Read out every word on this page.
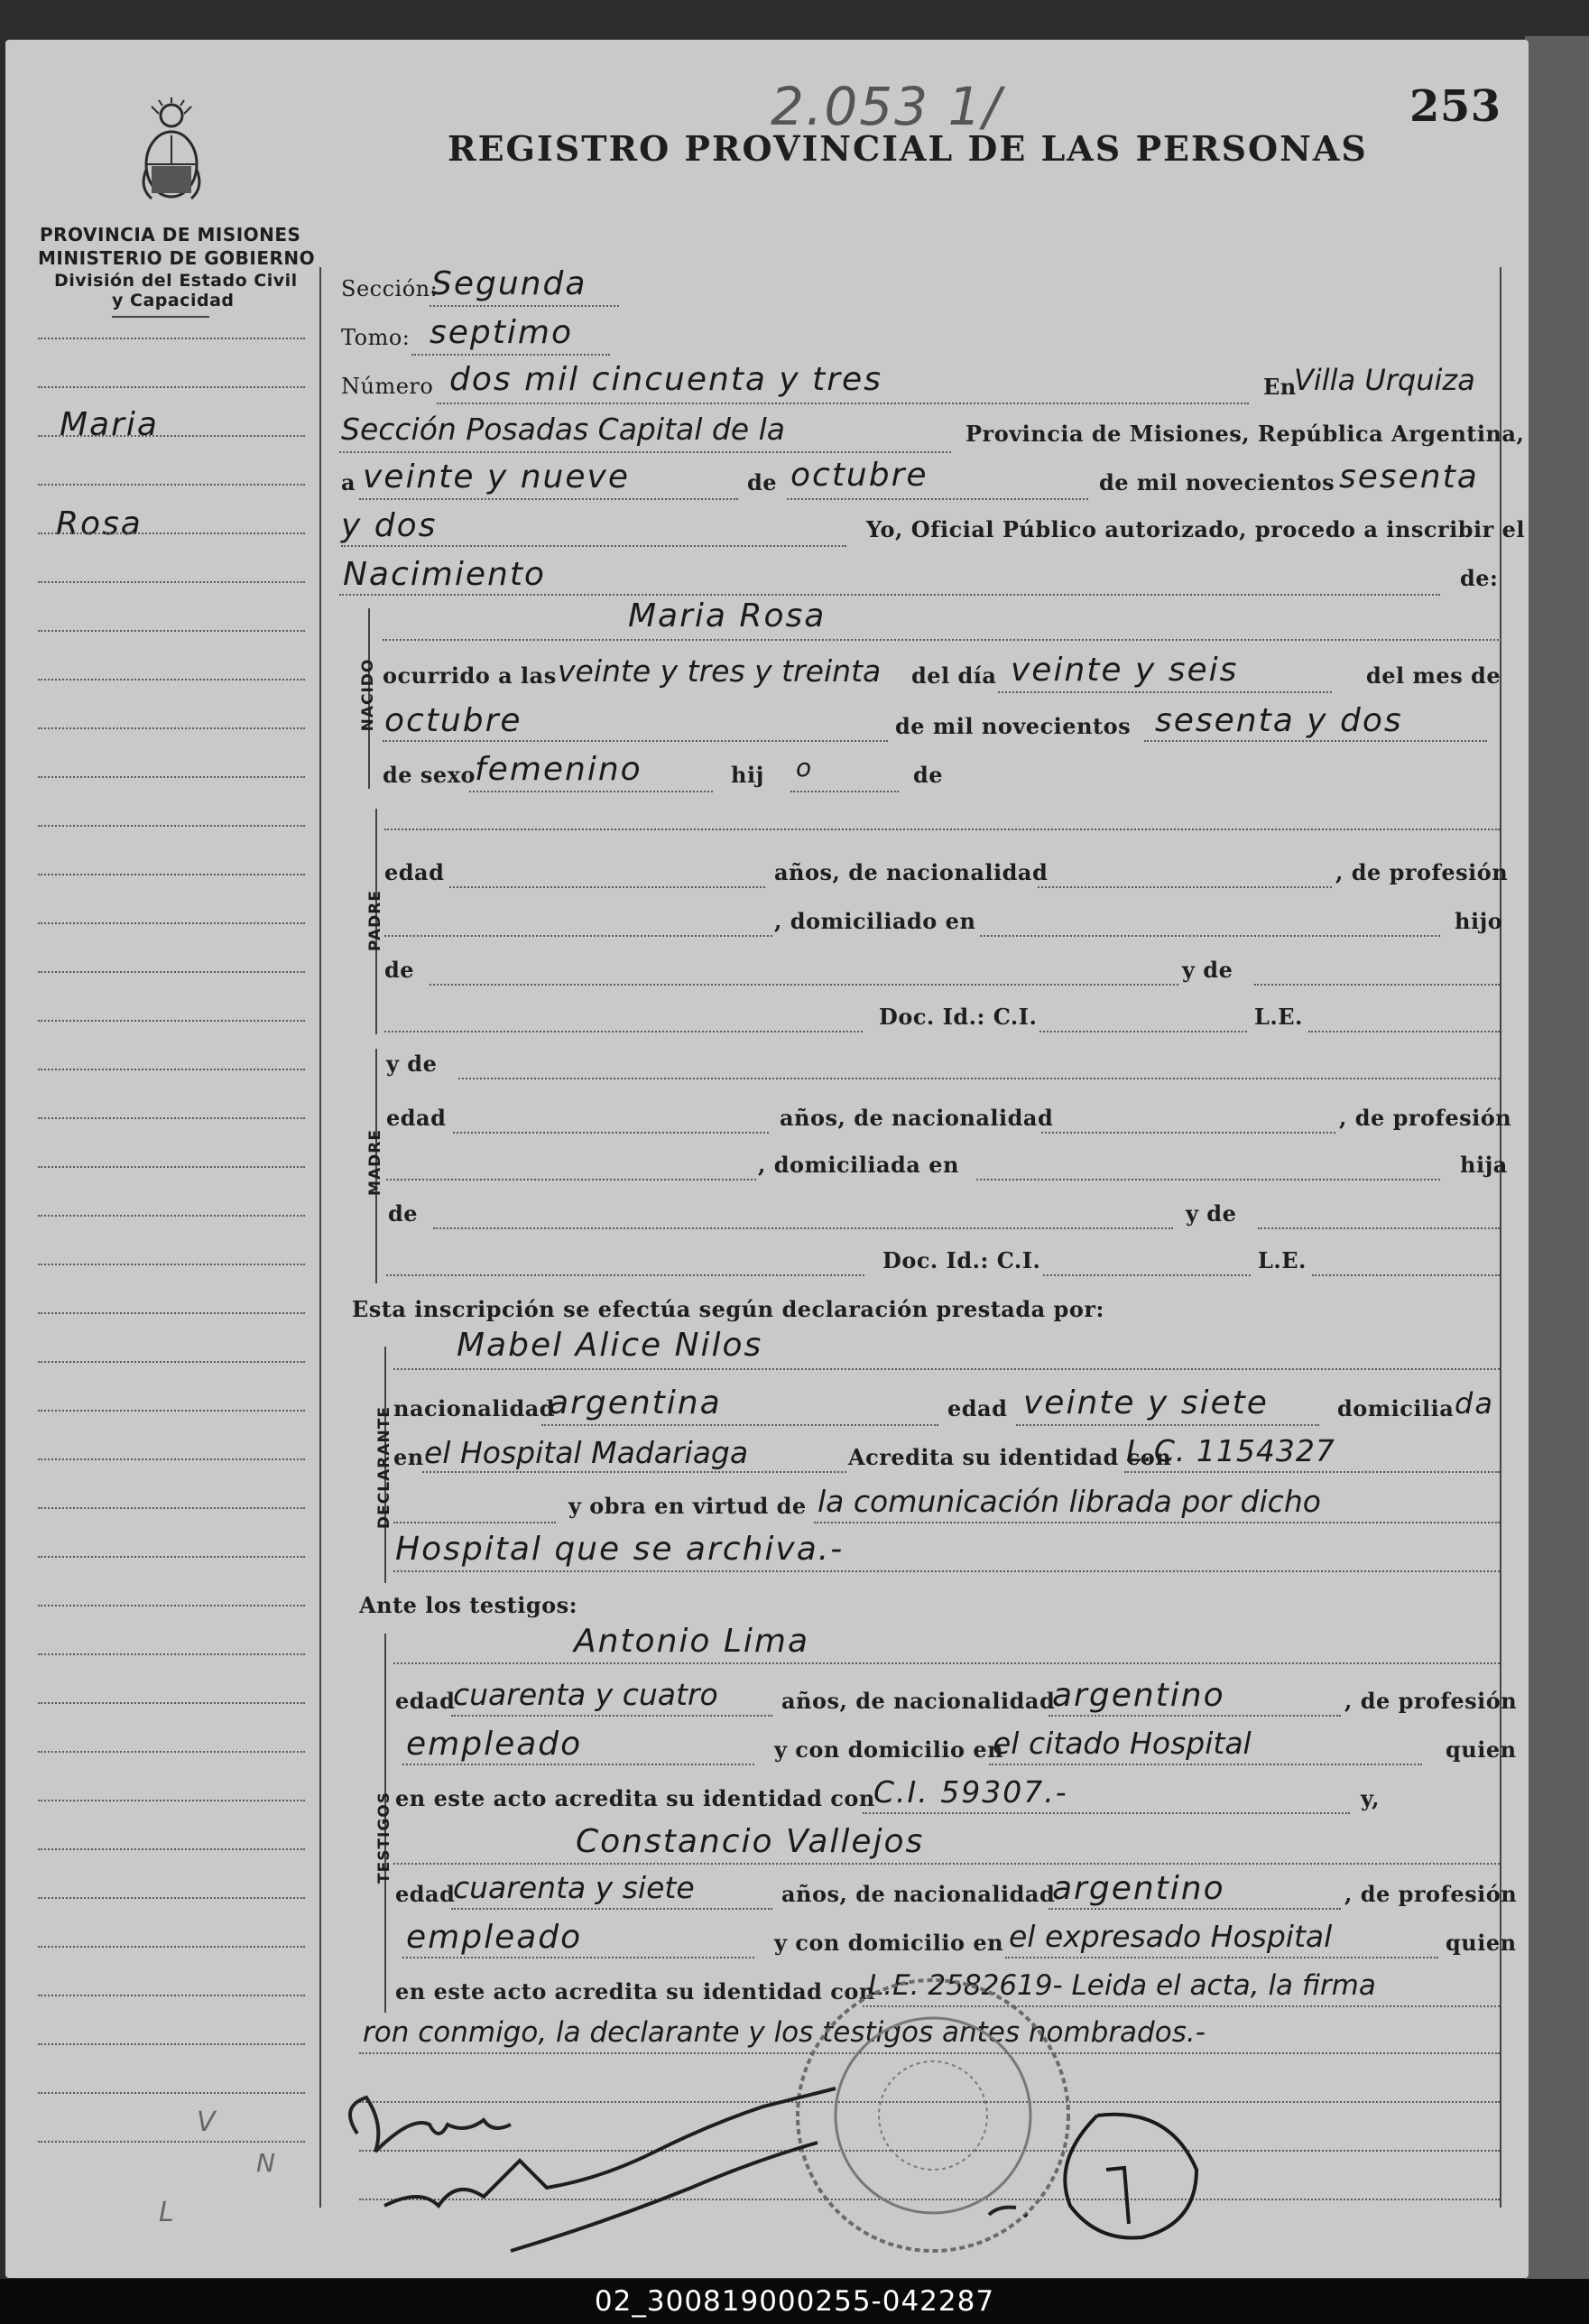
2.053 1/	253
REGISTRO PROVINCIAL DE LAS PERSONAS
PROVINCIA DE MISIONES
MINISTERIO DE GOBIERNO
División del Estado Civil
y Capacidad
Maria
Rosa
V
N
L
Sección:
Segunda
Tomo: septimo
Número dos mil cincuenta y tres	En
Villa Urquiza
Sección Posadas Capital de la	Provincia de Misiones, República Argentina,
a veinte y nueve	de octubre	de mil novecientos sesenta
y dos	Yo, Oficial Público autorizado, procedo a inscribir el
Nacimiento	de:
NACIDO
Maria Rosa
ocurrido a las veinte y tres y treinta del día veinte y seis	del mes de
octubre	de mil novecientos sesenta y dos
de sexo
femenino	hij o	de
PADRE
edad	años, de nacionalidad	, de profesión
, domiciliado en	hijo
de	y de
Doc. Id.: C.I.	L.E.
MADRE
y de
edad	años, de nacionalidad	, de profesión
, domiciliada en	hija
de	y de
Doc. Id.: C.I.	L.E.
Esta inscripción se efectúa según declaración prestada por:
DECLARANTE
Mabel Alice Nilos
nacionalidad
argentina	edad veinte y siete	domicilia da
en el Hospital Madariaga	Acredita su identidad con
L.C. 1154327
y obra en virtud de la comunicación librada por dicho
Hospital que se archiva.-
Ante los testigos:
TESTIGOS
Antonio Lima
edad
cuarenta y cuatro	años, de nacionalidad
argentino	, de profesión
empleado	y con domicilio en
el citado Hospital	quien
en este acto acredita su identidad con
C.I. 59307.-	y,
Constancio Vallejos
edad
cuarenta y siete	años, de nacionalidad
argentino	, de profesión
empleado	y con domicilio en el expresado Hospital	quien
en este acto acredita su identidad con
L.E. 2582619- Leida el acta, la firma
ron conmigo, la declarante y los testigos antes nombrados.-
02_300819000255-042287
